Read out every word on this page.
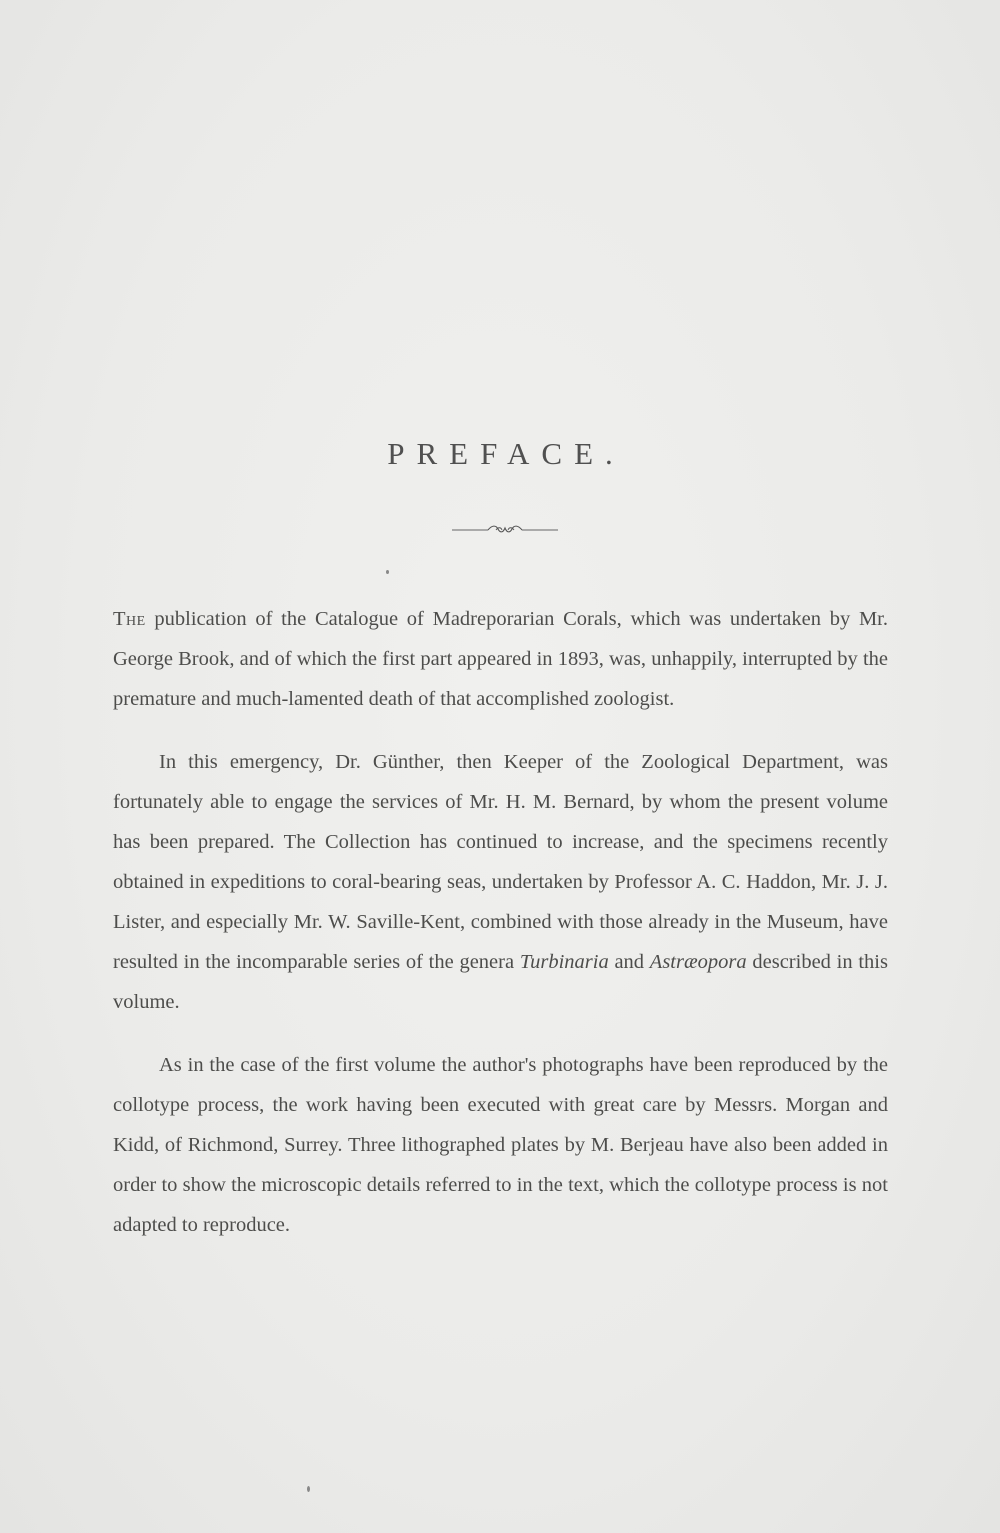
PREFACE.

The publication of the Catalogue of Madreporarian Corals, which was undertaken by Mr. George Brook, and of which the first part appeared in 1893, was, unhappily, interrupted by the premature and much-lamented death of that accomplished zoologist.

In this emergency, Dr. Günther, then Keeper of the Zoological Department, was fortunately able to engage the services of Mr. H. M. Bernard, by whom the present volume has been prepared. The Collection has continued to increase, and the specimens recently obtained in expeditions to coral-bearing seas, undertaken by Professor A. C. Haddon, Mr. J. J. Lister, and especially Mr. W. Saville-Kent, combined with those already in the Museum, have resulted in the incomparable series of the genera Turbinaria and Astræopora described in this volume.

As in the case of the first volume the author's photographs have been reproduced by the collotype process, the work having been executed with great care by Messrs. Morgan and Kidd, of Richmond, Surrey. Three lithographed plates by M. Berjeau have also been added in order to show the microscopic details referred to in the text, which the collotype process is not adapted to reproduce.
